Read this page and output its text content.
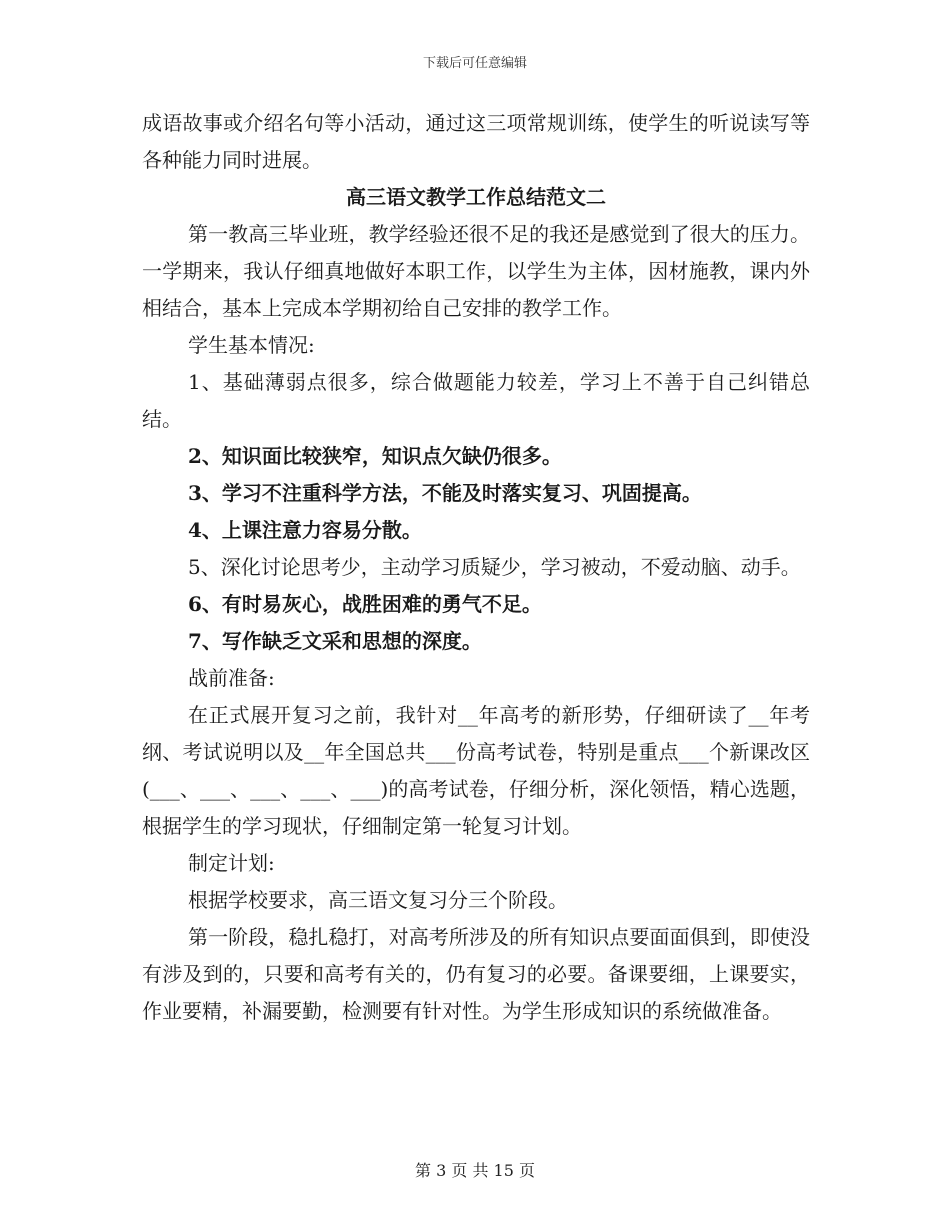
下载后可任意编辑

成语故事或介绍名句等小活动，通过这三项常规训练，使学生的听说读写等各种能力同时进展。

高三语文教学工作总结范文二

第一教高三毕业班，教学经验还很不足的我还是感觉到了很大的压力。一学期来，我认仔细真地做好本职工作，以学生为主体，因材施教，课内外相结合，基本上完成本学期初给自己安排的教学工作。

学生基本情况:

1、基础薄弱点很多，综合做题能力较差，学习上不善于自己纠错总结。

2、知识面比较狭窄，知识点欠缺仍很多。

3、学习不注重科学方法，不能及时落实复习、巩固提高。

4、上课注意力容易分散。

5、深化讨论思考少，主动学习质疑少，学习被动，不爱动脑、动手。

6、有时易灰心，战胜困难的勇气不足。

7、写作缺乏文采和思想的深度。

战前准备:

在正式展开复习之前，我针对__年高考的新形势，仔细研读了__年考纲、考试说明以及__年全国总共___份高考试卷，特别是重点___个新课改区(___、___、___、___、___)的高考试卷，仔细分析，深化领悟，精心选题，根据学生的学习现状，仔细制定第一轮复习计划。

制定计划:

根据学校要求，高三语文复习分三个阶段。

第一阶段，稳扎稳打，对高考所涉及的所有知识点要面面俱到，即使没有涉及到的，只要和高考有关的，仍有复习的必要。备课要细，上课要实，作业要精，补漏要勤，检测要有针对性。为学生形成知识的系统做准备。

第 3 页 共 15 页
